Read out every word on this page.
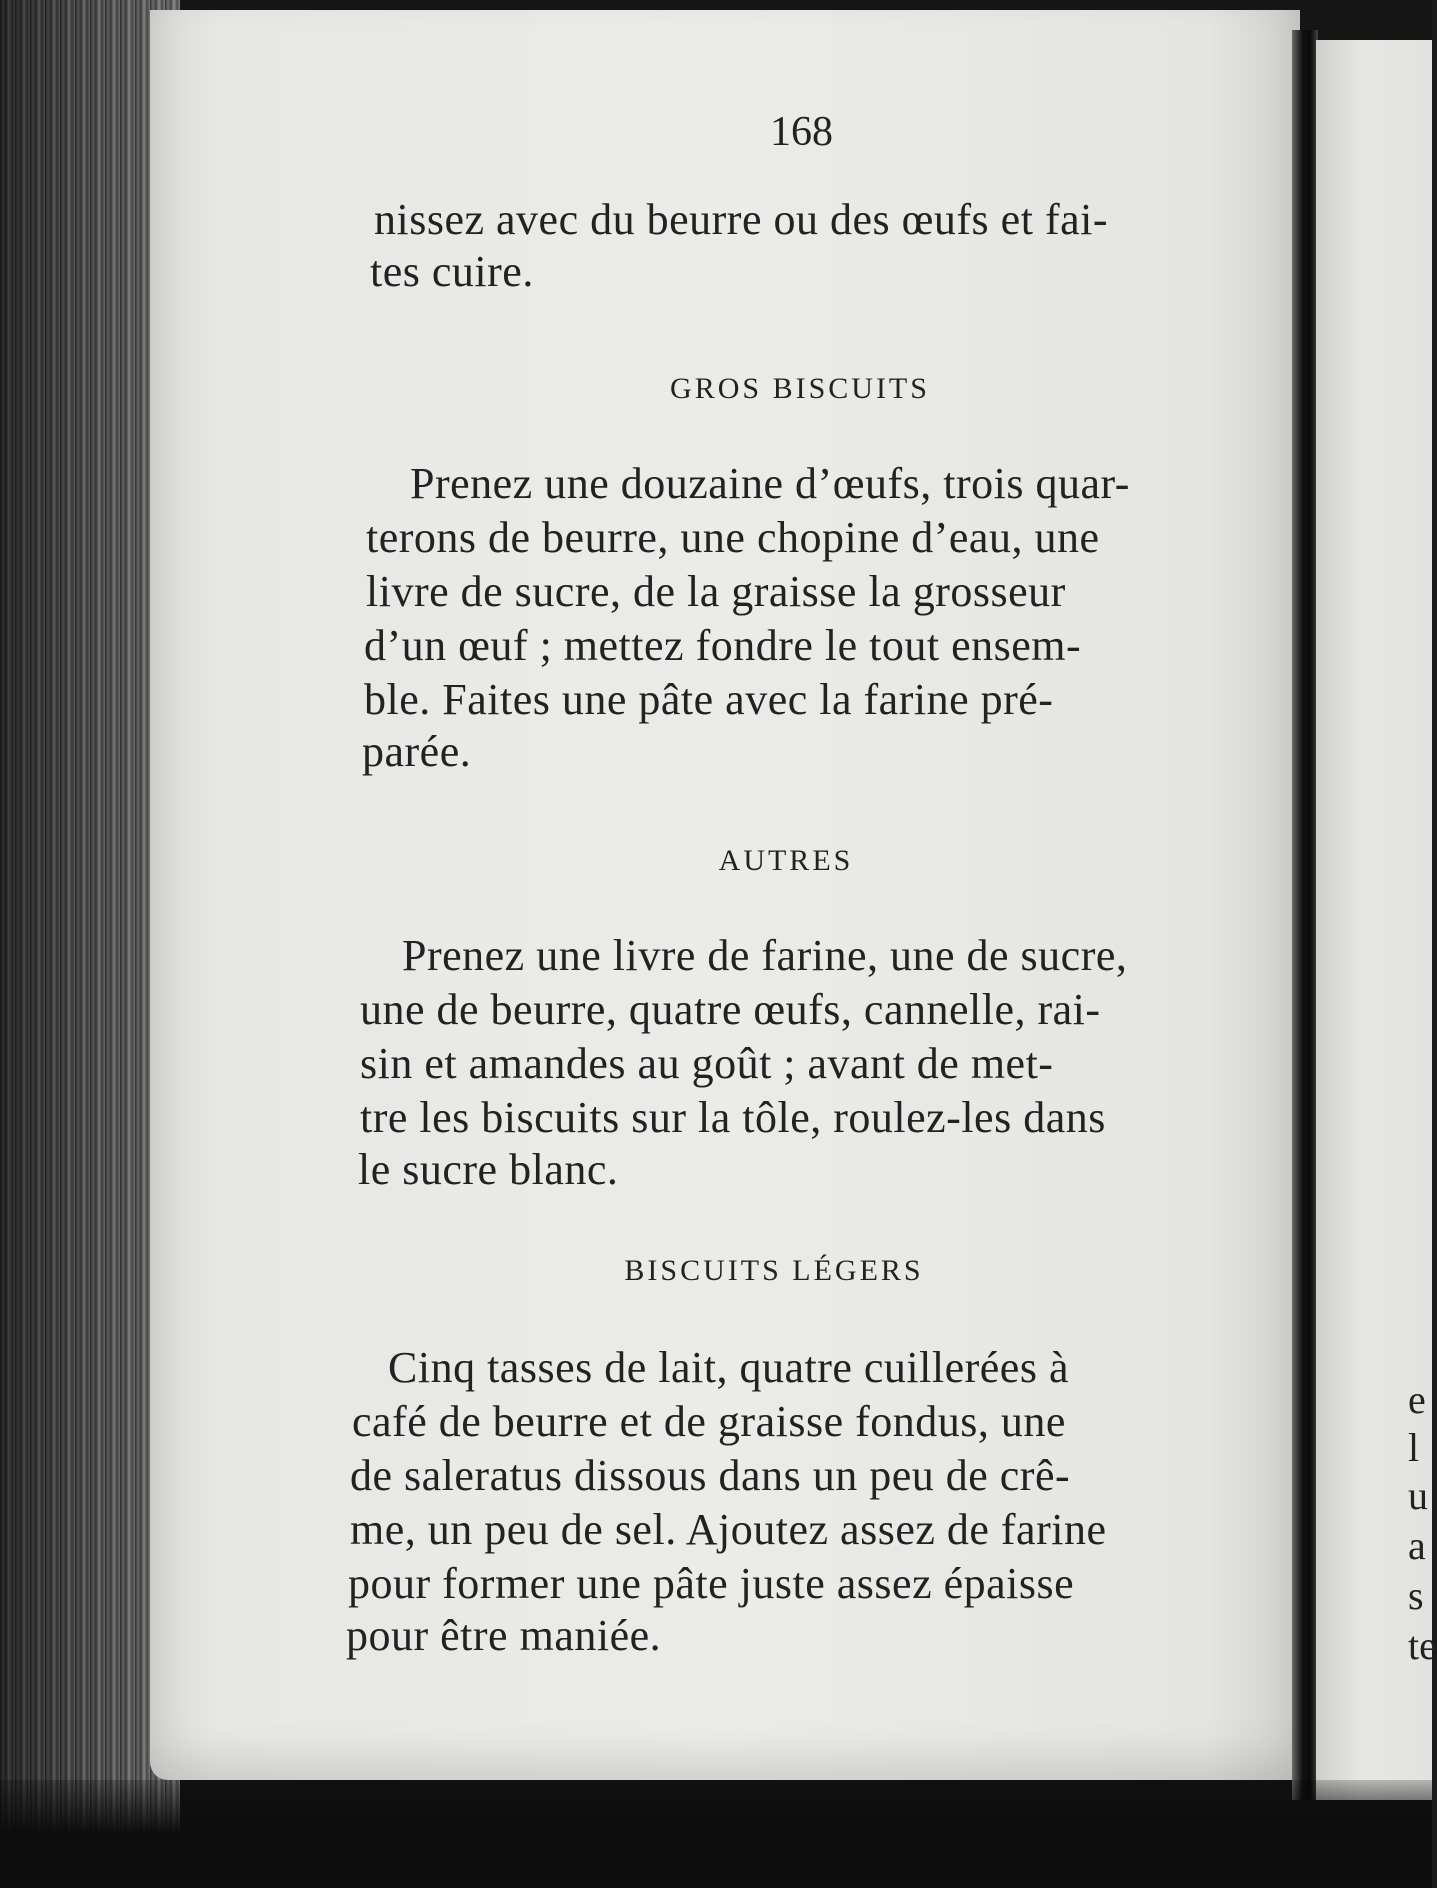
e
l
u
a
s
te
168
nissez avec du beurre ou des œufs et fai-
tes cuire.
GROS BISCUITS
Prenez une douzaine d’œufs, trois quar-
terons de beurre, une chopine d’eau, une
livre de sucre, de la graisse la grosseur
d’un œuf ; mettez fondre le tout ensem-
ble. Faites une pâte avec la farine pré-
parée.
AUTRES
Prenez une livre de farine, une de sucre,
une de beurre, quatre œufs, cannelle, rai-
sin et amandes au goût ; avant de met-
tre les biscuits sur la tôle, roulez-les dans
le sucre blanc.
BISCUITS LÉGERS
Cinq tasses de lait, quatre cuillerées à
café de beurre et de graisse fondus, une
de saleratus dissous dans un peu de crê-
me, un peu de sel. Ajoutez assez de farine
pour former une pâte juste assez épaisse
pour être maniée.
